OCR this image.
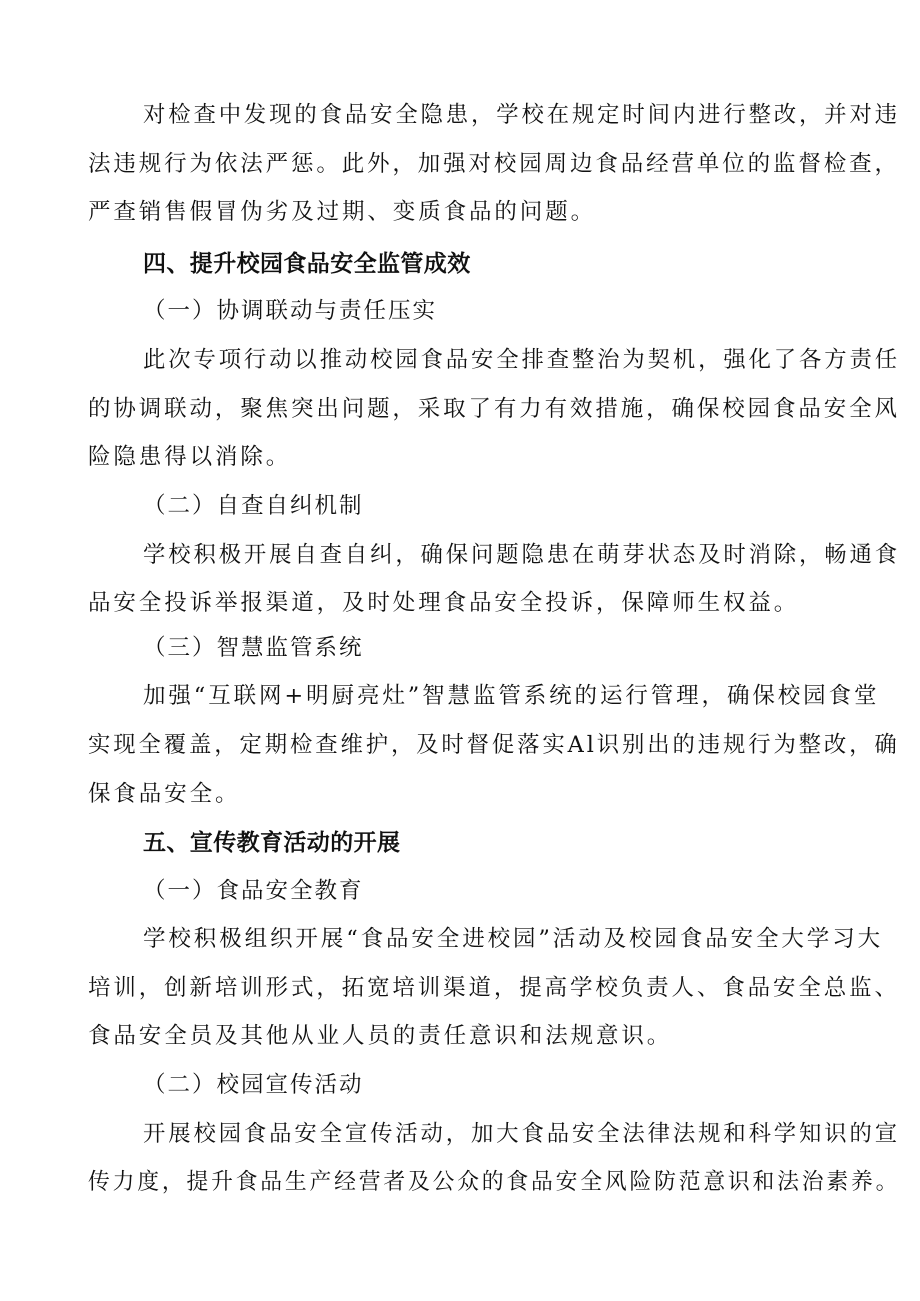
对检查中发现的食品安全隐患，学校在规定时间内进行整改，并对违
法违规行为依法严惩。此外，加强对校园周边食品经营单位的监督检查，
严查销售假冒伪劣及过期、变质食品的问题。
四、提升校园食品安全监管成效
（一）协调联动与责任压实
此次专项行动以推动校园食品安全排查整治为契机，强化了各方责任
的协调联动，聚焦突出问题，采取了有力有效措施，确保校园食品安全风
险隐患得以消除。
（二）自查自纠机制
学校积极开展自查自纠，确保问题隐患在萌芽状态及时消除，畅通食
品安全投诉举报渠道，及时处理食品安全投诉，保障师生权益。
（三）智慧监管系统
加强“互联网+明厨亮灶”智慧监管系统的运行管理，确保校园食堂
实现全覆盖，定期检查维护，及时督促落实Al识别出的违规行为整改，确
保食品安全。
五、宣传教育活动的开展
（一）食品安全教育
学校积极组织开展“食品安全进校园”活动及校园食品安全大学习大
培训，创新培训形式，拓宽培训渠道，提高学校负责人、食品安全总监、
食品安全员及其他从业人员的责任意识和法规意识。
（二）校园宣传活动
开展校园食品安全宣传活动，加大食品安全法律法规和科学知识的宣
传力度，提升食品生产经营者及公众的食品安全风险防范意识和法治素养。
